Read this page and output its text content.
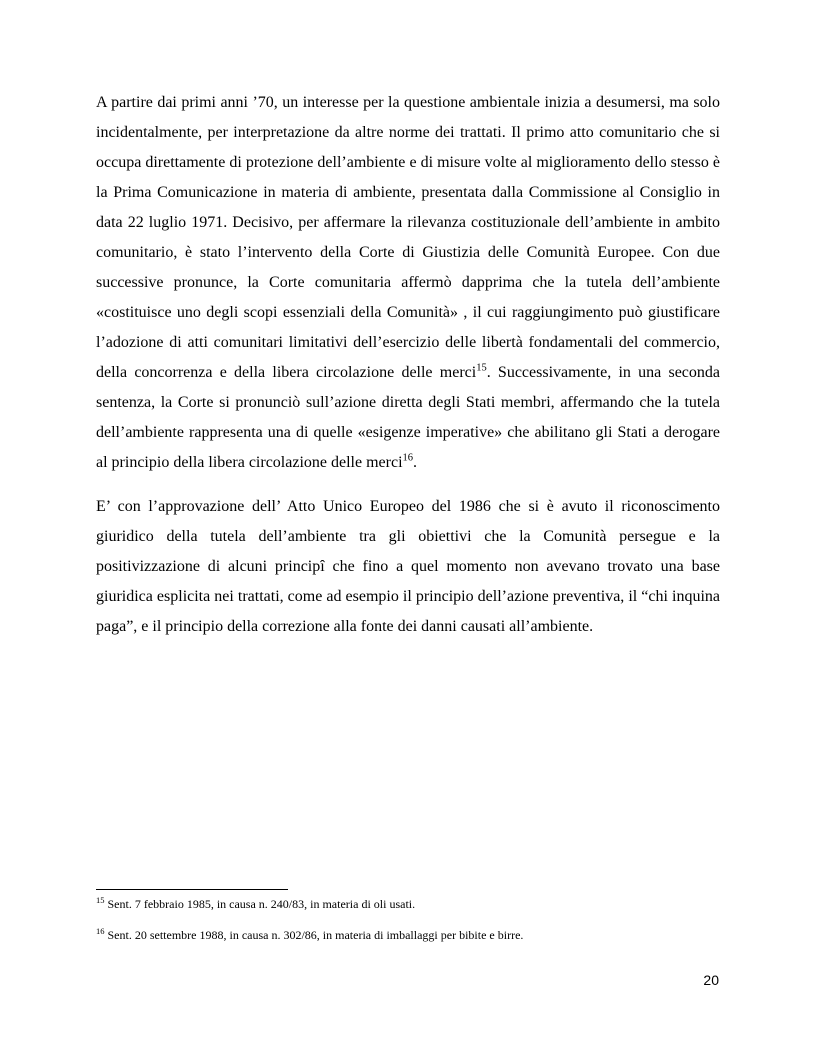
A partire dai primi anni ’70, un interesse per la questione ambientale inizia a desumersi, ma solo incidentalmente, per interpretazione da altre norme dei trattati. Il primo atto comunitario che si occupa direttamente di protezione dell’ambiente e di misure volte al miglioramento dello stesso è la Prima Comunicazione in materia di ambiente, presentata dalla Commissione al Consiglio in data 22 luglio 1971. Decisivo, per affermare la rilevanza costituzionale dell’ambiente in ambito comunitario, è stato l’intervento della Corte di Giustizia delle Comunità Europee. Con due successive pronunce, la Corte comunitaria affermò dapprima che la tutela dell’ambiente «costituisce uno degli scopi essenziali della Comunità» , il cui raggiungimento può giustificare l’adozione di atti comunitari limitativi dell’esercizio delle libertà fondamentali del commercio, della concorrenza e della libera circolazione delle merci$^{15}$. Successivamente, in una seconda sentenza, la Corte si pronunciò sull’azione diretta degli Stati membri, affermando che la tutela dell’ambiente rappresenta una di quelle «esigenze imperative» che abilitano gli Stati a derogare al principio della libera circolazione delle merci$^{16}$.

E’ con l’approvazione dell’ Atto Unico Europeo del 1986 che si è avuto il riconoscimento giuridico della tutela dell’ambiente tra gli obiettivi che la Comunità persegue e la positivizzazione di alcuni principî che fino a quel momento non avevano trovato una base giuridica esplicita nei trattati, come ad esempio il principio dell’azione preventiva, il “chi inquina paga”, e il principio della correzione alla fonte dei danni causati all’ambiente.

$^{15}$ Sent. 7 febbraio 1985, in causa n. 240/83, in materia di oli usati.

$^{16}$ Sent. 20 settembre 1988, in causa n. 302/86, in materia di imballaggi per bibite e birre.

20
